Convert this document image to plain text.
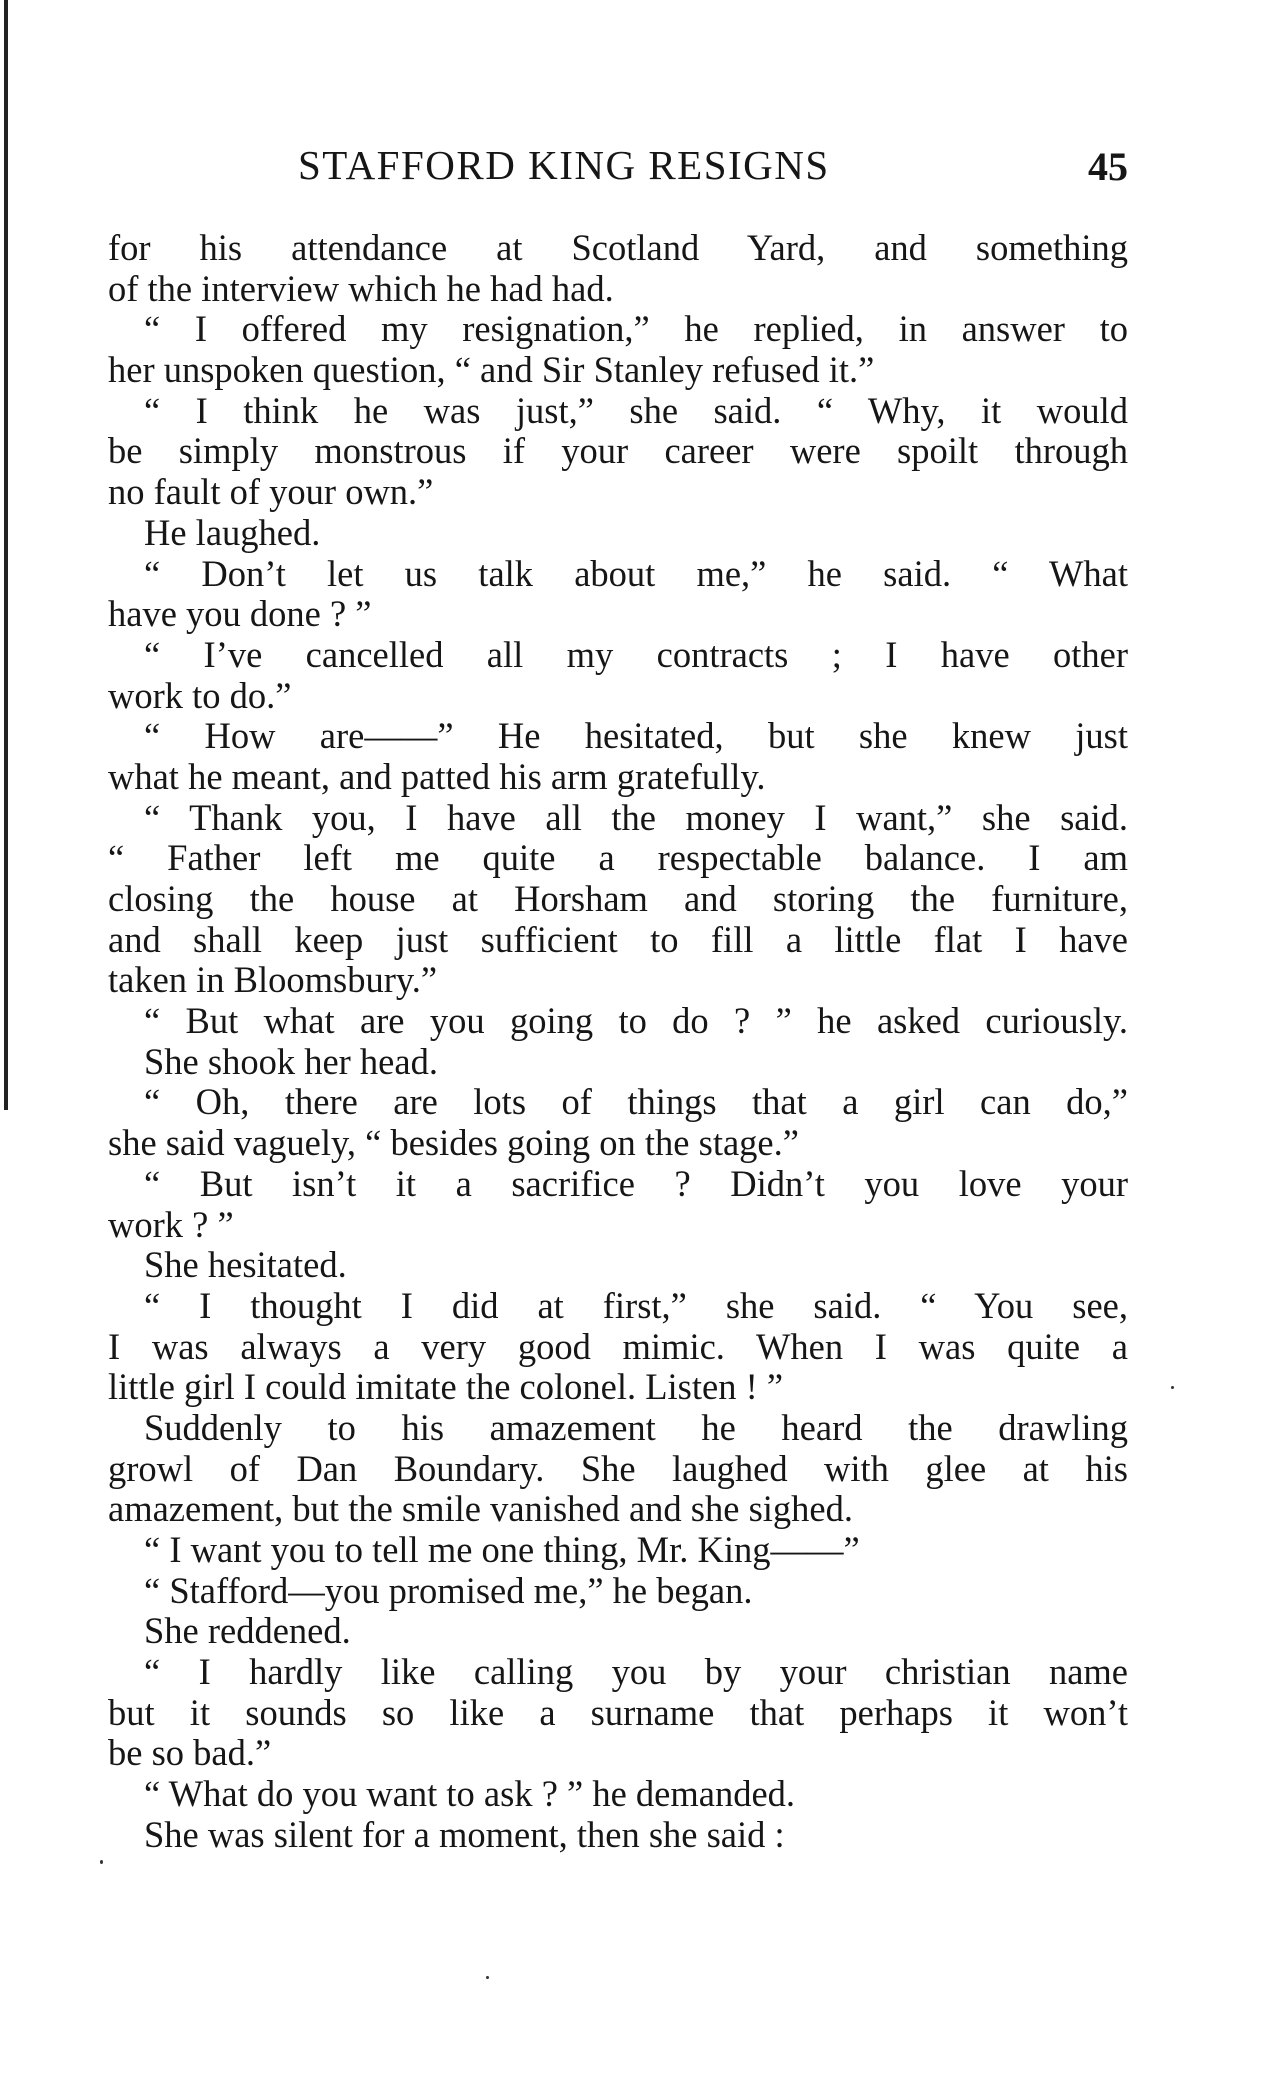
STAFFORD KING RESIGNS	45
for his attendance at Scotland Yard, and something
of the interview which he had had.
“ I offered my resignation,” he replied, in answer to
her unspoken question, “ and Sir Stanley refused it.”
“ I think he was just,” she said. “ Why, it would
be simply monstrous if your career were spoilt through
no fault of your own.”
He laughed.
“ Don’t let us talk about me,” he said. “ What
have you done ? ”
“ I’ve cancelled all my contracts ; I have other
work to do.”
“ How are——” He hesitated, but she knew just
what he meant, and patted his arm gratefully.
“ Thank you, I have all the money I want,” she said.
“ Father left me quite a respectable balance. I am
closing the house at Horsham and storing the furniture,
and shall keep just sufficient to fill a little flat I have
taken in Bloomsbury.”
“ But what are you going to do ? ” he asked curiously.
She shook her head.
“ Oh, there are lots of things that a girl can do,”
she said vaguely, “ besides going on the stage.”
“ But isn’t it a sacrifice ? Didn’t you love your
work ? ”
She hesitated.
“ I thought I did at first,” she said. “ You see,
I was always a very good mimic. When I was quite a
little girl I could imitate the colonel. Listen ! ”
Suddenly to his amazement he heard the drawling
growl of Dan Boundary. She laughed with glee at his
amazement, but the smile vanished and she sighed.
“ I want you to tell me one thing, Mr. King——”
“ Stafford—you promised me,” he began.
She reddened.
“ I hardly like calling you by your christian name
but it sounds so like a surname that perhaps it won’t
be so bad.”
“ What do you want to ask ? ” he demanded.
She was silent for a moment, then she said :
